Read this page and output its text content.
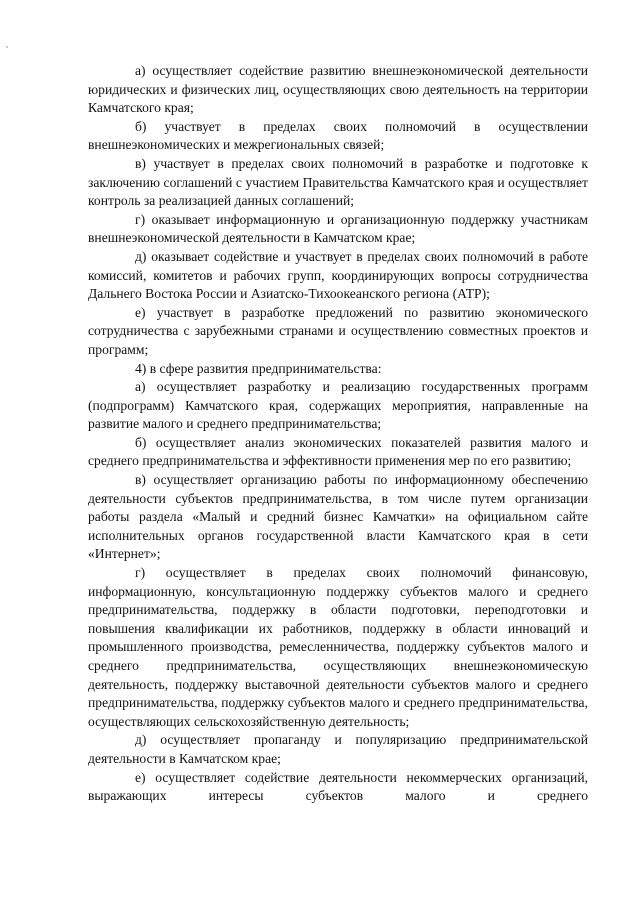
а) осуществляет содействие развитию внешнеэкономической деятельности юридических и физических лиц, осуществляющих свою деятельность на территории Камчатского края;

б) участвует в пределах своих полномочий в осуществлении внешнеэкономических и межрегиональных связей;

в) участвует в пределах своих полномочий в разработке и подготовке к заключению соглашений с участием Правительства Камчатского края и осуществляет контроль за реализацией данных соглашений;

г) оказывает информационную и организационную поддержку участникам внешнеэкономической деятельности в Камчатском крае;

д) оказывает содействие и участвует в пределах своих полномочий в работе комиссий, комитетов и рабочих групп, координирующих вопросы сотрудничества Дальнего Востока России и Азиатско-Тихоокеанского региона (АТР);

е) участвует в разработке предложений по развитию экономического сотрудничества с зарубежными странами и осуществлению совместных проектов и программ;

4) в сфере развития предпринимательства:

а) осуществляет разработку и реализацию государственных программ (подпрограмм) Камчатского края, содержащих мероприятия, направленные на развитие малого и среднего предпринимательства;

б) осуществляет анализ экономических показателей развития малого и среднего предпринимательства и эффективности применения мер по его развитию;

в) осуществляет организацию работы по информационному обеспечению деятельности субъектов предпринимательства, в том числе путем организации работы раздела «Малый и средний бизнес Камчатки» на официальном сайте исполнительных органов государственной власти Камчатского края в сети «Интернет»;

г) осуществляет в пределах своих полномочий финансовую, информационную, консультационную поддержку субъектов малого и среднего предпринимательства, поддержку в области подготовки, переподготовки и повышения квалификации их работников, поддержку в области инноваций и промышленного производства, ремесленничества, поддержку субъектов малого и среднего предпринимательства, осуществляющих внешнеэкономическую деятельность, поддержку выставочной деятельности субъектов малого и среднего предпринимательства, поддержку субъектов малого и среднего предпринимательства, осуществляющих сельскохозяйственную деятельность;

д) осуществляет пропаганду и популяризацию предпринимательской деятельности в Камчатском крае;

е) осуществляет содействие деятельности некоммерческих организаций, выражающих интересы субъектов малого и среднего
